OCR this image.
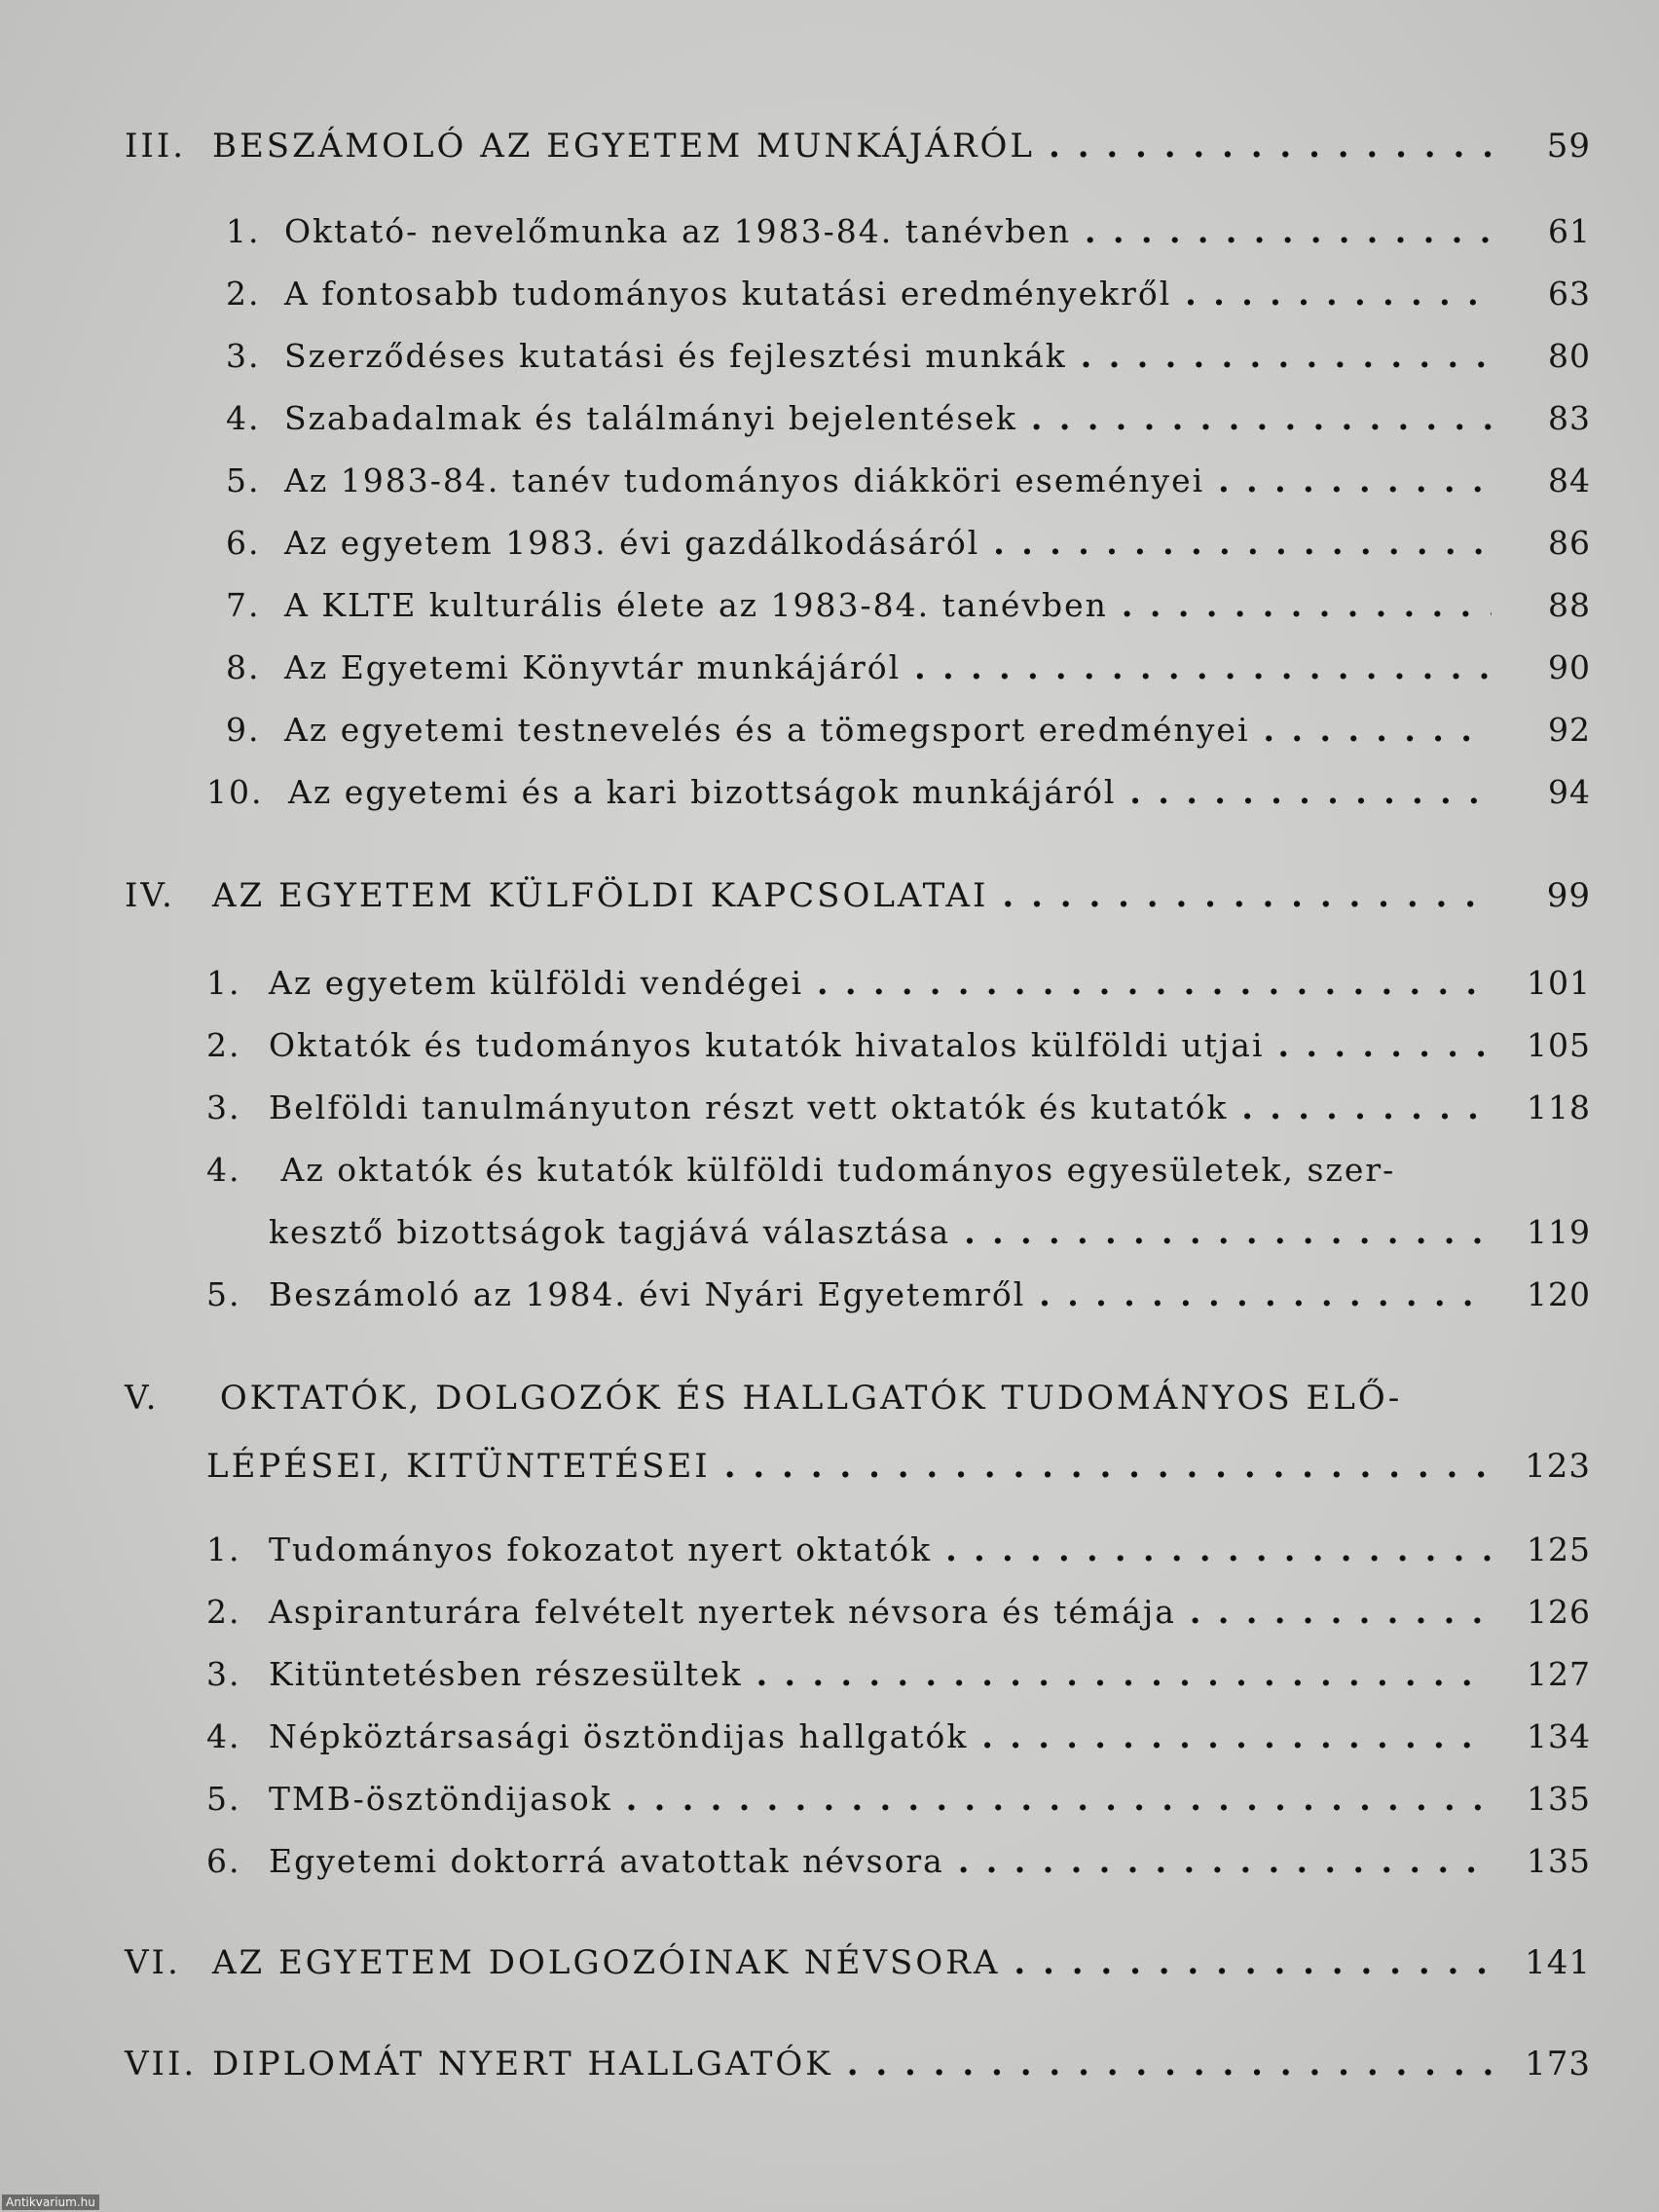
III. BESZÁMOLÓ AZ EGYETEM MUNKÁJÁRÓL . . .	59
1. Oktató- nevelőmunka az 1983-84. tanévben . . .	61
2. A fontosabb tudományos kutatási eredményekről . . .	63
3. Szerződéses kutatási és fejlesztési munkák . . .	80
4. Szabadalmak és találmányi bejelentések . . .	83
5. Az 1983-84. tanév tudományos diákköri eseményei . . .	84
6. Az egyetem 1983. évi gazdálkodásáról . . .	86
7. A KLTE kulturális élete az 1983-84. tanévben . . .	88
8. Az Egyetemi Könyvtár munkájáról . . .	90
9. Az egyetemi testnevelés és a tömegsport eredményei . . .	92
10. Az egyetemi és a kari bizottságok munkájáról . . .	94
IV.	AZ EGYETEM KÜLFÖLDI KAPCSOLATAI . . .	99
1. Az egyetem külföldi vendégei . . .	101
2. Oktatók és tudományos kutatók hivatalos külföldi utjai . . .	105
3. Belföldi tanulmányuton részt vett oktatók és kutatók . . .	118
4. Az oktatók és kutatók külföldi tudományos egyesületek, szer-
kesztő bizottságok tagjává választása . . .	119
5. Beszámoló az 1984. évi Nyári Egyetemről . . .	120
V. OKTATÓK, DOLGOZÓK ÉS HALLGATÓK TUDOMÁNYOS ELŐ-
LÉPÉSEI, KITÜNTETÉSEI . . .	123
1. Tudományos fokozatot nyert oktatók . . .	125
2. Aspiranturára felvételt nyertek névsora és témája . . .	126
3. Kitüntetésben részesültek . . .	127
4. Népköztársasági ösztöndijas hallgatók . . .	134
5. TMB-ösztöndijasok . . .	135
6. Egyetemi doktorrá avatottak névsora . . .	135
VI. AZ EGYETEM DOLGOZÓINAK NÉVSORA . . .	141
VII. DIPLOMÁT NYERT HALLGATÓK . . .	173
Antikvarium.hu
